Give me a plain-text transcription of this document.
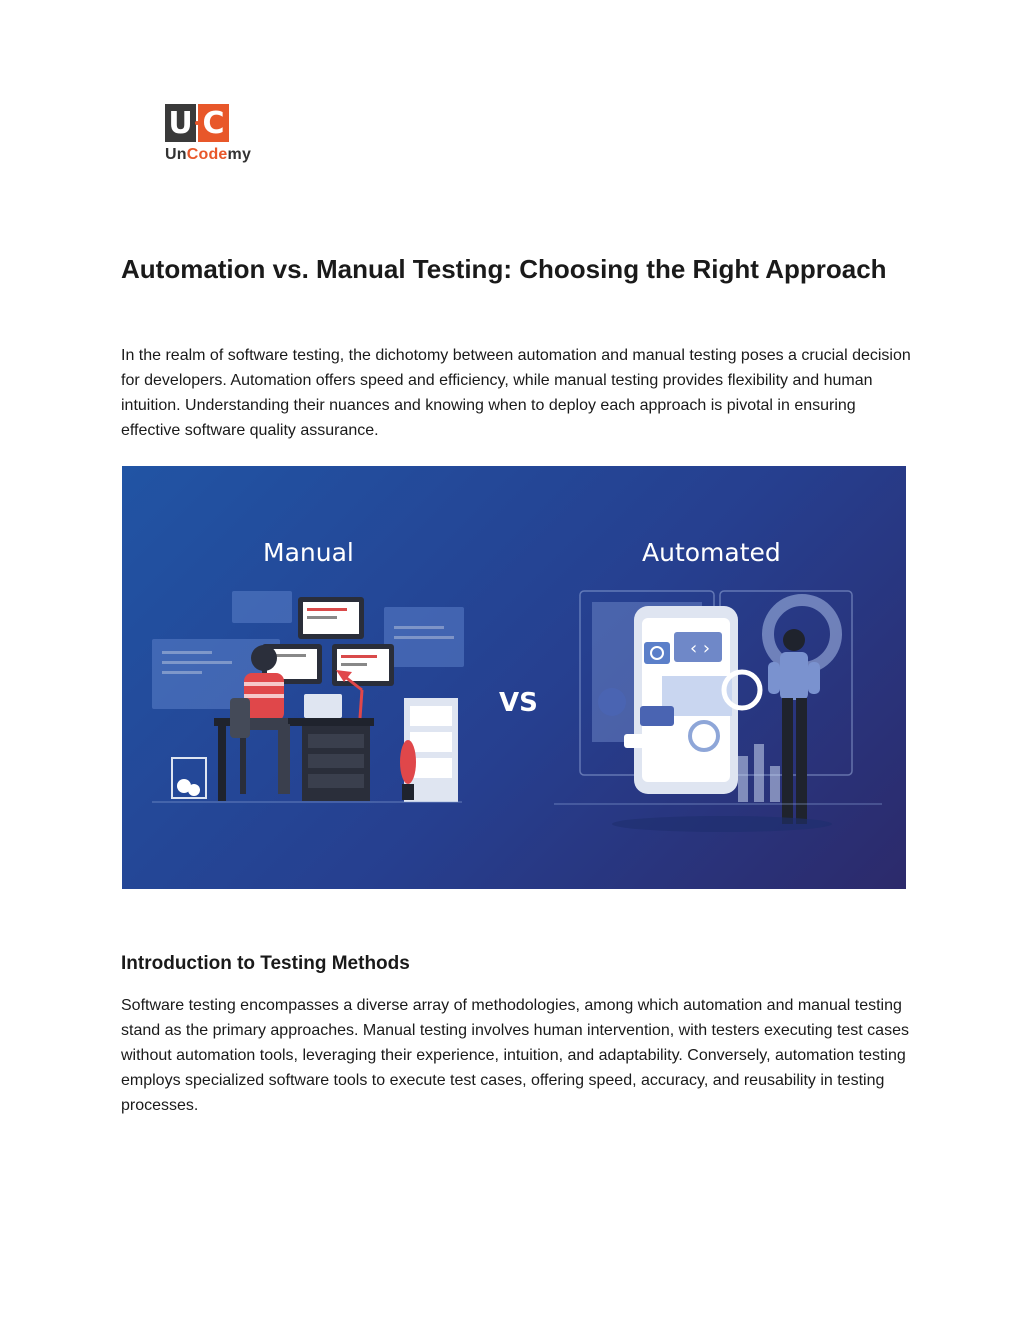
U C
UnCodemy
Automation vs. Manual Testing: Choosing the Right Approach

In the realm of software testing, the dichotomy between automation and manual testing poses a crucial decision for developers. Automation offers speed and efficiency, while manual testing provides flexibility and human intuition. Understanding their nuances and knowing when to deploy each approach is pivotal in ensuring effective software quality assurance.

‹ ›
Manual
VS
Automated
Introduction to Testing Methods

Software testing encompasses a diverse array of methodologies, among which automation and manual testing stand as the primary approaches. Manual testing involves human intervention, with testers executing test cases without automation tools, leveraging their experience, intuition, and adaptability. Conversely, automation testing employs specialized software tools to execute test cases, offering speed, accuracy, and reusability in testing processes.
